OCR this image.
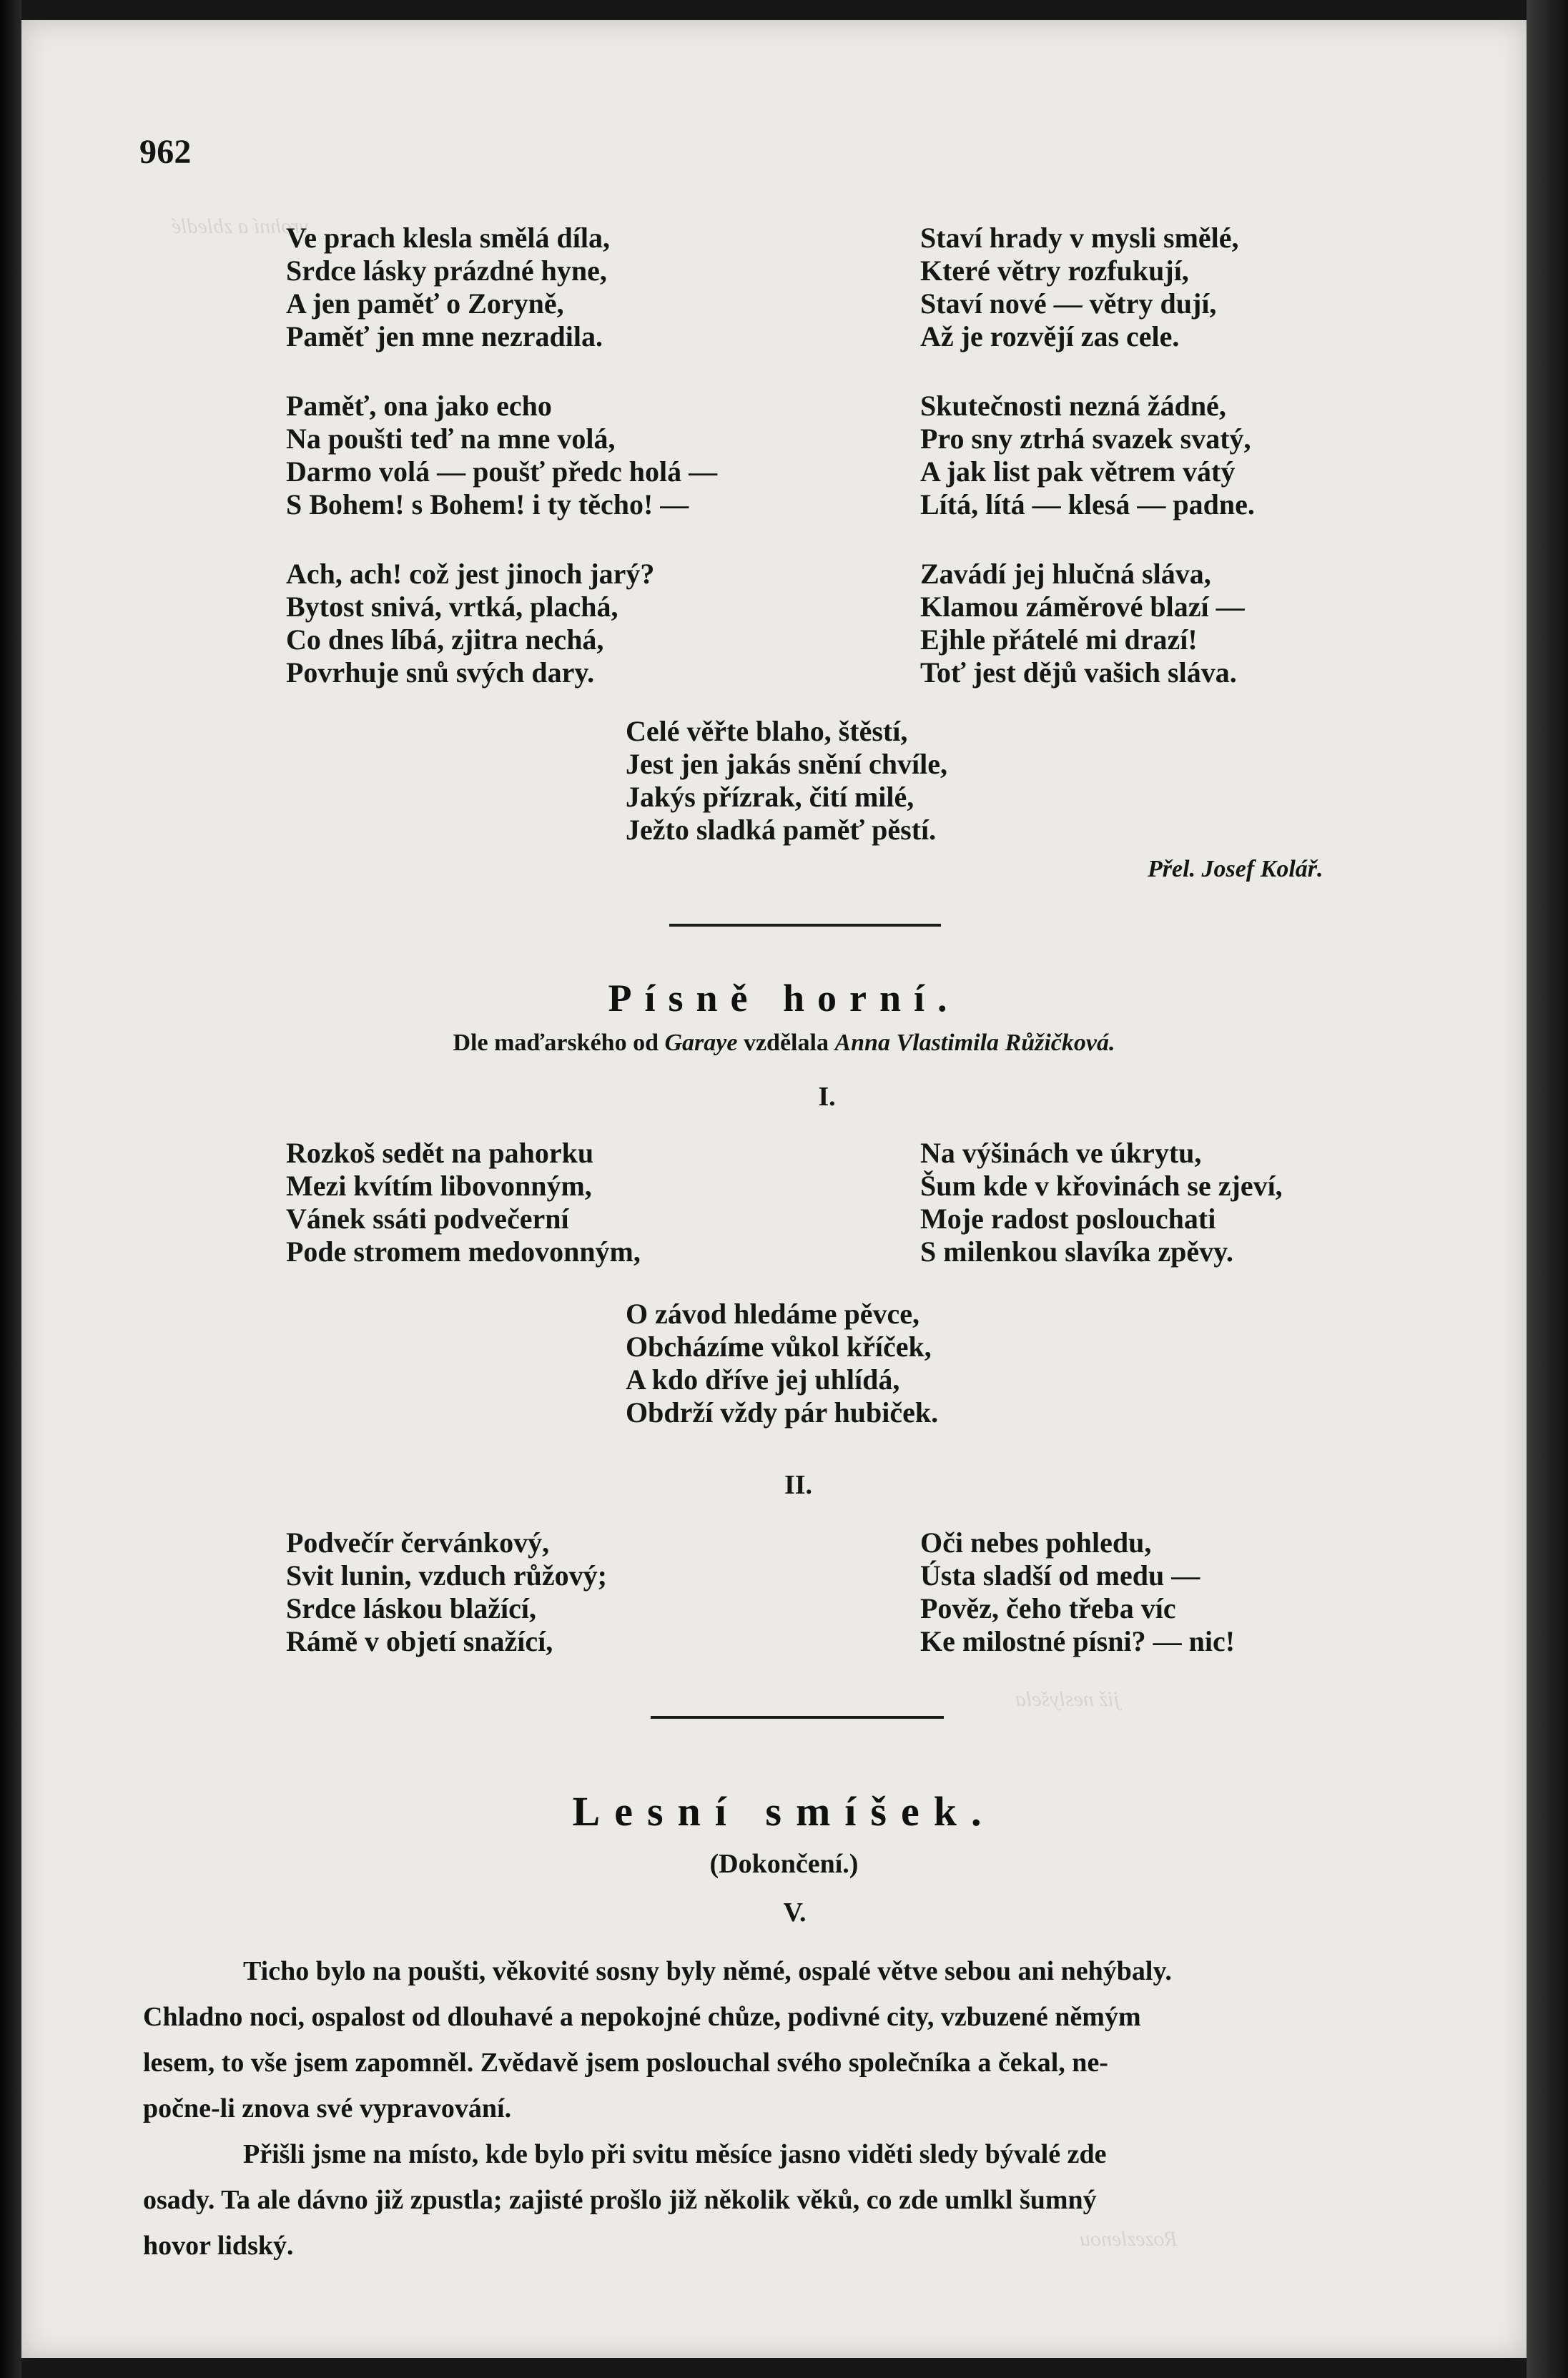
vrohní a zbledlé
již neslyšela
Rozezlenou
962
Ve prach klesla smělá díla,
Srdce lásky prázdné hyne,
A jen paměť o Zoryně,
Paměť jen mne nezradila.
Paměť, ona jako echo
Na poušti teď na mne volá,
Darmo volá — poušť předc holá —
S Bohem! s Bohem! i ty těcho! —
Ach, ach! což jest jinoch jarý?
Bytost snivá, vrtká, plachá,
Co dnes líbá, zjitra nechá,
Povrhuje snů svých dary.
Staví hrady v mysli smělé,
Které větry rozfukují,
Staví nové — větry dují,
Až je rozvějí zas cele.
Skutečnosti nezná žádné,
Pro sny ztrhá svazek svatý,
A jak list pak větrem vátý
Lítá, lítá — klesá — padne.
Zavádí jej hlučná sláva,
Klamou záměrové blazí —
Ejhle přátelé mi drazí!
Toť jest dějů vašich sláva.
Celé věřte blaho, štěstí,
Jest jen jakás snění chvíle,
Jakýs přízrak, čití milé,
Ježto sladká paměť pěstí.
Přel. Josef Kolář.
Písně horní.
Dle maďarského od Garaye vzdělala Anna Vlastimila Růžičková.
I.
Rozkoš sedět na pahorku
Mezi kvítím libovonným,
Vánek ssáti podvečerní
Pode stromem medovonným,
Na výšinách ve úkrytu,
Šum kde v křovinách se zjeví,
Moje radost poslouchati
S milenkou slavíka zpěvy.
O závod hledáme pěvce,
Obcházíme vůkol kříček,
A kdo dříve jej uhlídá,
Obdrží vždy pár hubiček.
II.
Podvečír červánkový,
Svit lunin, vzduch růžový;
Srdce láskou blažící,
Rámě v objetí snažící,
Oči nebes pohledu,
Ústa sladší od medu —
Pověz, čeho třeba víc
Ke milostné písni? — nic!
Lesní smíšek.
(Dokončení.)
V.
Ticho bylo na poušti, věkovité sosny byly němé, ospalé větve sebou ani nehýbaly.
Chladno noci, ospalost od dlouhavé a nepokojné chůze, podivné city, vzbuzené němým
lesem, to vše jsem zapomněl. Zvědavě jsem poslouchal svého společníka a čekal, ne-
počne-li znova své vypravování.
Přišli jsme na místo, kde bylo při svitu měsíce jasno viděti sledy bývalé zde
osady. Ta ale dávno již zpustla; zajisté prošlo již několik věků, co zde umlkl šumný
hovor lidský.
